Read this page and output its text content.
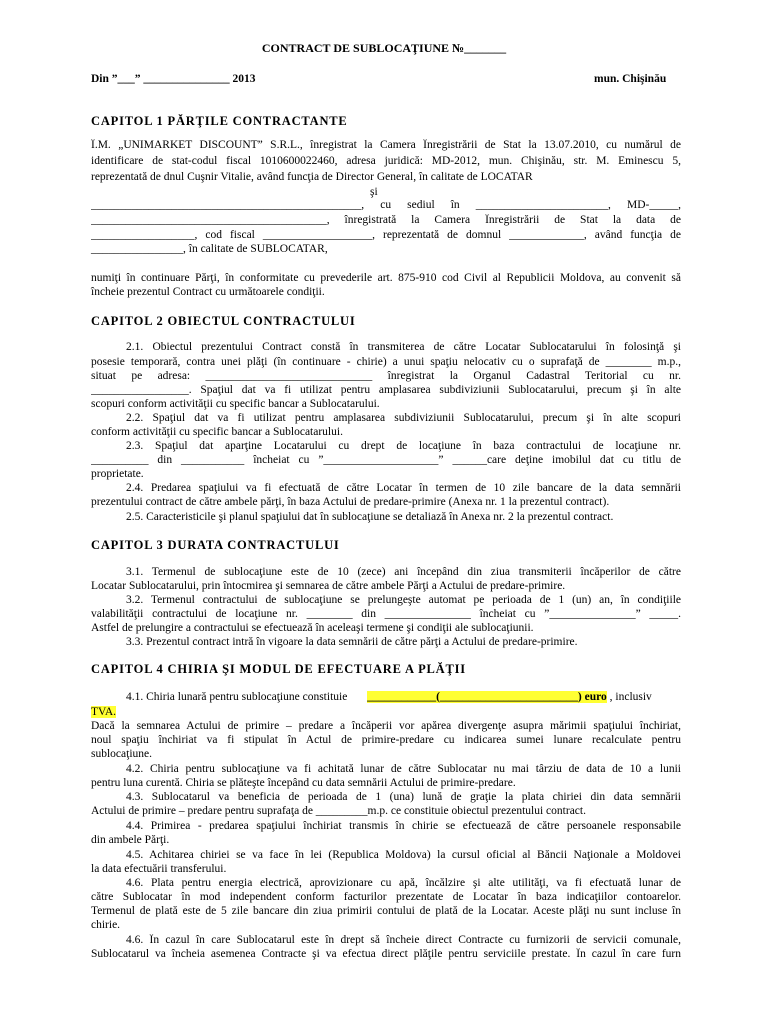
CONTRACT DE SUBLOCAŢIUNE №_______
Din ”___” _______________ 2013	mun. Chişinău
CAPITOL 1 PĂRŢILE CONTRACTANTE
Î.M. „UNIMARKET DISCOUNT” S.R.L., înregistrat la Camera Înregistrării de Stat la 13.07.2010, cu numărul de
identificare de stat-codul fiscal 1010600022460, adresa juridică: MD-2012, mun. Chişinău, str. M. Eminescu 5,
reprezentată de dnul Cuşnir Vitalie, având funcţia de Director General, în calitate de LOCATAR
şi
_______________________________________________, cu sediul în _______________________, MD-_____,
_________________________________________, înregistrată la Camera Înregistrării de Stat la data de
__________________, cod fiscal ___________________, reprezentată de domnul _____________, având funcţia de
________________, în calitate de SUBLOCATAR,
numiţi în continuare Părţi, în conformitate cu prevederile art. 875-910 cod Civil al Republicii Moldova, au convenit să
încheie prezentul Contract cu următoarele condiţii.
CAPITOL 2 OBIECTUL CONTRACTULUI
2.1. Obiectul prezentului Contract constă în transmiterea de către Locatar Sublocatarului în folosinţă şi
posesie temporară, contra unei plăţi (în continuare - chirie) a unui spaţiu nelocativ cu o suprafaţă de ________ m.p.,
situat pe adresa: _____________________________ înregistrat la Organul Cadastral Teritorial cu nr.
_________________. Spaţiul dat va fi utilizat pentru amplasarea subdiviziunii Sublocatarului, precum şi în alte
scopuri conform activităţii cu specific bancar a Sublocatarului.
2.2. Spaţiul dat va fi utilizat pentru amplasarea subdiviziunii Sublocatarului, precum şi în alte scopuri
conform activităţii cu specific bancar a Sublocatarului.
2.3. Spaţiul dat aparţine Locatarului cu drept de locaţiune în baza contractului de locaţiune nr.
__________ din ___________ încheiat cu ”____________________” ______care deţine imobilul dat cu titlu de
proprietate.
2.4. Predarea spaţiului va fi efectuată de către Locatar în termen de 10 zile bancare de la data semnării
prezentului contract de către ambele părţi, în baza Actului de predare-primire (Anexa nr. 1 la prezentul contract).
2.5. Caracteristicile şi planul spaţiului dat în sublocaţiune se detaliază în Anexa nr. 2 la prezentul contract.
CAPITOL 3 DURATA CONTRACTULUI
3.1. Termenul de sublocaţiune este de 10 (zece) ani începând din ziua transmiterii încăperilor de către
Locatar Sublocatarului, prin întocmirea şi semnarea de către ambele Părţi a Actului de predare-primire.
3.2. Termenul contractului de sublocaţiune se prelungeşte automat pe perioada de 1 (un) an, în condiţiile
valabilităţii contractului de locaţiune nr. ________ din _______________ încheiat cu ”_______________” _____.
Astfel de prelungire a contractului se efectuează în aceleaşi termene şi condiţii ale sublocaţiunii.
3.3. Prezentul contract intră în vigoare la data semnării de către părţi a Actului de predare-primire.
CAPITOL 4 CHIRIA ŞI MODUL DE EFECTUARE A PLĂŢII
4.1. Chiria lunară pentru sublocaţiune constituie ____________(________________________) euro , inclusiv
TVA.
Dacă la semnarea Actului de primire – predare a încăperii vor apărea divergenţe asupra mărimii spaţiului închiriat,
noul spaţiu închiriat va fi stipulat în Actul de primire-predare cu indicarea sumei lunare recalculate pentru
sublocaţiune.
4.2. Chiria pentru sublocaţiune va fi achitată lunar de către Sublocatar nu mai târziu de data de 10 a lunii
pentru luna curentă. Chiria se plăteşte începând cu data semnării Actului de primire-predare.
4.3. Sublocatarul va beneficia de perioada de 1 (una) lună de graţie la plata chiriei din data semnării
Actului de primire – predare pentru suprafaţa de _________m.p. ce constituie obiectul prezentului contract.
4.4. Primirea - predarea spaţiului închiriat transmis în chirie se efectuează de către persoanele responsabile
din ambele Părţi.
4.5. Achitarea chiriei se va face în lei (Republica Moldova) la cursul oficial al Băncii Naţionale a Moldovei
la data efectuării transferului.
4.6. Plata pentru energia electrică, aprovizionare cu apă, încălzire şi alte utilităţi, va fi efectuată lunar de
către Sublocatar în mod independent conform facturilor prezentate de Locatar în baza indicaţiilor contoarelor.
Termenul de plată este de 5 zile bancare din ziua primirii contului de plată de la Locatar. Aceste plăţi nu sunt incluse în
chirie.
4.6. În cazul în care Sublocatarul este în drept să încheie direct Contracte cu furnizorii de servicii comunale,
Sublocatarul va încheia asemenea Contracte şi va efectua direct plăţile pentru serviciile prestate. În cazul în care furn
